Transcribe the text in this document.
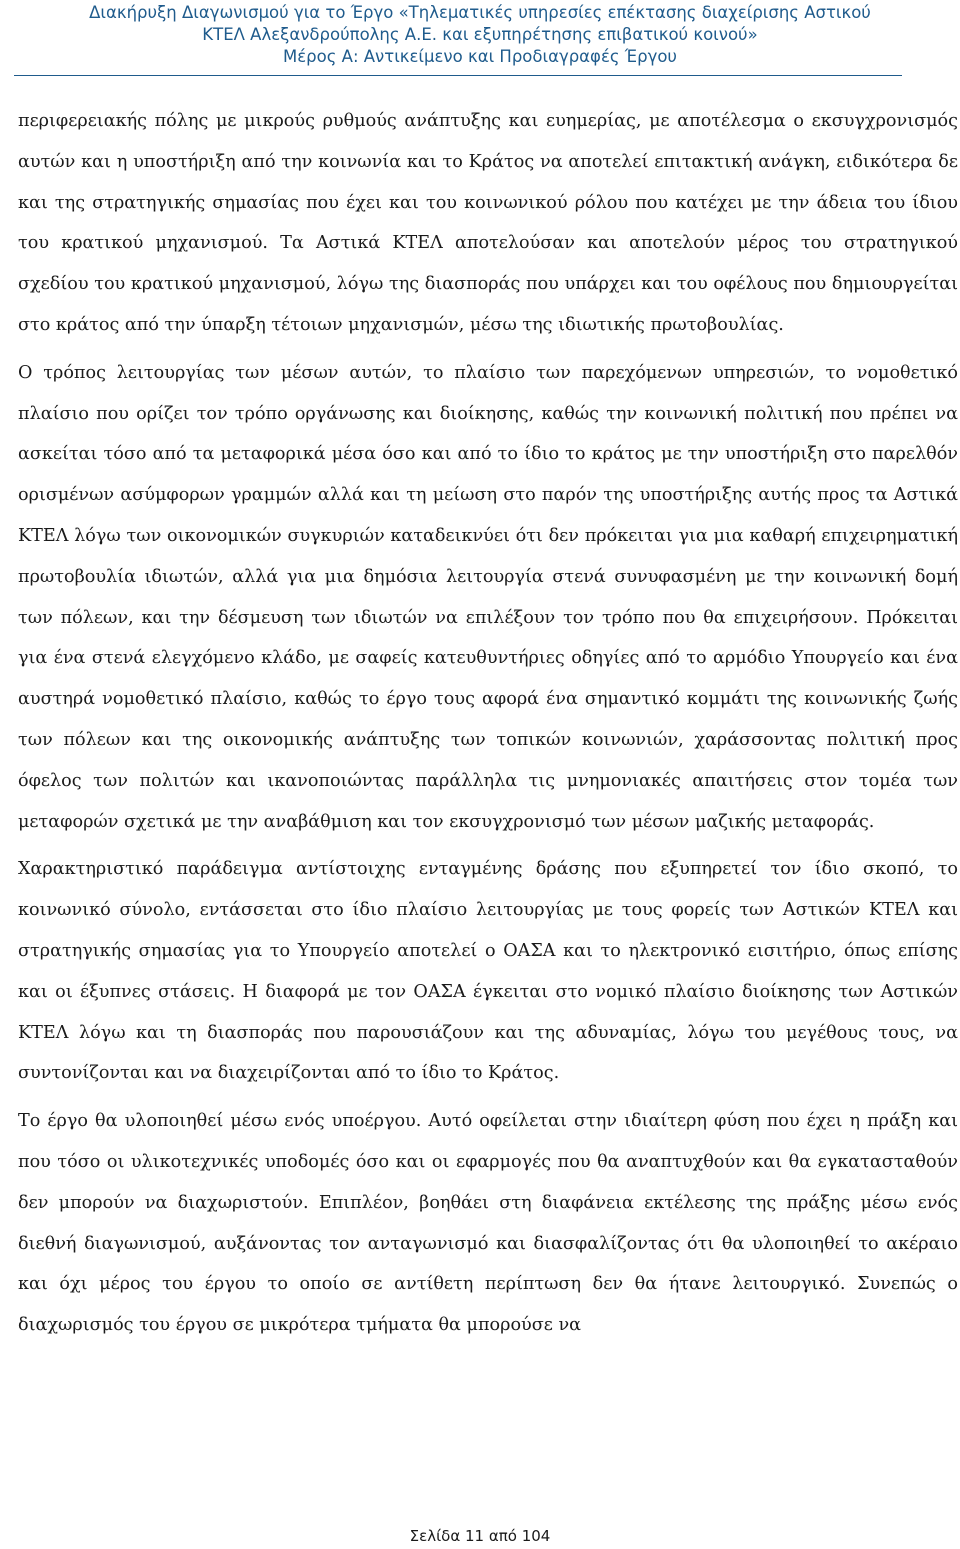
Διακήρυξη Διαγωνισμού για το Έργο «Τηλεματικές υπηρεσίες επέκτασης διαχείρισης Αστικού
ΚΤΕΛ Αλεξανδρούπολης Α.Ε. και εξυπηρέτησης επιβατικού κοινού»
Μέρος Α: Αντικείμενο και Προδιαγραφές Έργου

περιφερειακής πόλης με μικρούς ρυθμούς ανάπτυξης και ευημερίας, με αποτέλεσμα ο εκσυγχρονισμός αυτών και η υποστήριξη από την κοινωνία και το Κράτος να αποτελεί επιτακτική ανάγκη, ειδικότερα δε και της στρατηγικής σημασίας που έχει και του κοινωνικού ρόλου που κατέχει με την άδεια του ίδιου του κρατικού μηχανισμού. Τα Αστικά ΚΤΕΛ αποτελούσαν και αποτελούν μέρος του στρατηγικού σχεδίου του κρατικού μηχανισμού, λόγω της διασποράς που υπάρχει και του οφέλους που δημιουργείται στο κράτος από την ύπαρξη τέτοιων μηχανισμών, μέσω της ιδιωτικής πρωτοβουλίας.

Ο τρόπος λειτουργίας των μέσων αυτών, το πλαίσιο των παρεχόμενων υπηρεσιών, το νομοθετικό πλαίσιο που ορίζει τον τρόπο οργάνωσης και διοίκησης, καθώς την κοινωνική πολιτική που πρέπει να ασκείται τόσο από τα μεταφορικά μέσα όσο και από το ίδιο το κράτος με την υποστήριξη στο παρελθόν ορισμένων ασύμφορων γραμμών αλλά και τη μείωση στο παρόν της υποστήριξης αυτής προς τα Αστικά ΚΤΕΛ λόγω των οικονομικών συγκυριών καταδεικνύει ότι δεν πρόκειται για μια καθαρή επιχειρηματική πρωτοβουλία ιδιωτών, αλλά για μια δημόσια λειτουργία στενά συνυφασμένη με την κοινωνική δομή των πόλεων, και την δέσμευση των ιδιωτών να επιλέξουν τον τρόπο που θα επιχειρήσουν. Πρόκειται για ένα στενά ελεγχόμενο κλάδο, με σαφείς κατευθυντήριες οδηγίες από το αρμόδιο Υπουργείο και ένα αυστηρά νομοθετικό πλαίσιο, καθώς το έργο τους αφορά ένα σημαντικό κομμάτι της κοινωνικής ζωής των πόλεων και της οικονομικής ανάπτυξης των τοπικών κοινωνιών, χαράσσοντας πολιτική προς όφελος των πολιτών και ικανοποιώντας παράλληλα τις μνημονιακές απαιτήσεις στον τομέα των μεταφορών σχετικά με την αναβάθμιση και τον εκσυγχρονισμό των μέσων μαζικής μεταφοράς.

Χαρακτηριστικό παράδειγμα αντίστοιχης ενταγμένης δράσης που εξυπηρετεί τον ίδιο σκοπό, το κοινωνικό σύνολο, εντάσσεται στο ίδιο πλαίσιο λειτουργίας με τους φορείς των Αστικών ΚΤΕΛ και στρατηγικής σημασίας για το Υπουργείο αποτελεί ο ΟΑΣΑ και το ηλεκτρονικό εισιτήριο, όπως επίσης και οι έξυπνες στάσεις. Η διαφορά με τον ΟΑΣΑ έγκειται στο νομικό πλαίσιο διοίκησης των Αστικών ΚΤΕΛ λόγω και τη διασποράς που παρουσιάζουν και της αδυναμίας, λόγω του μεγέθους τους, να συντονίζονται και να διαχειρίζονται από το ίδιο το Κράτος.

Το έργο θα υλοποιηθεί μέσω ενός υποέργου. Αυτό οφείλεται στην ιδιαίτερη φύση που έχει η πράξη και που τόσο οι υλικοτεχνικές υποδομές όσο και οι εφαρμογές που θα αναπτυχθούν και θα εγκατασταθούν δεν μπορούν να διαχωριστούν. Επιπλέον, βοηθάει στη διαφάνεια εκτέλεσης της πράξης μέσω ενός διεθνή διαγωνισμού, αυξάνοντας τον ανταγωνισμό και διασφαλίζοντας ότι θα υλοποιηθεί το ακέραιο και όχι μέρος του έργου το οποίο σε αντίθετη περίπτωση δεν θα ήτανε λειτουργικό. Συνεπώς ο διαχωρισμός του έργου σε μικρότερα τμήματα θα μπορούσε να

Σελίδα 11 από 104
